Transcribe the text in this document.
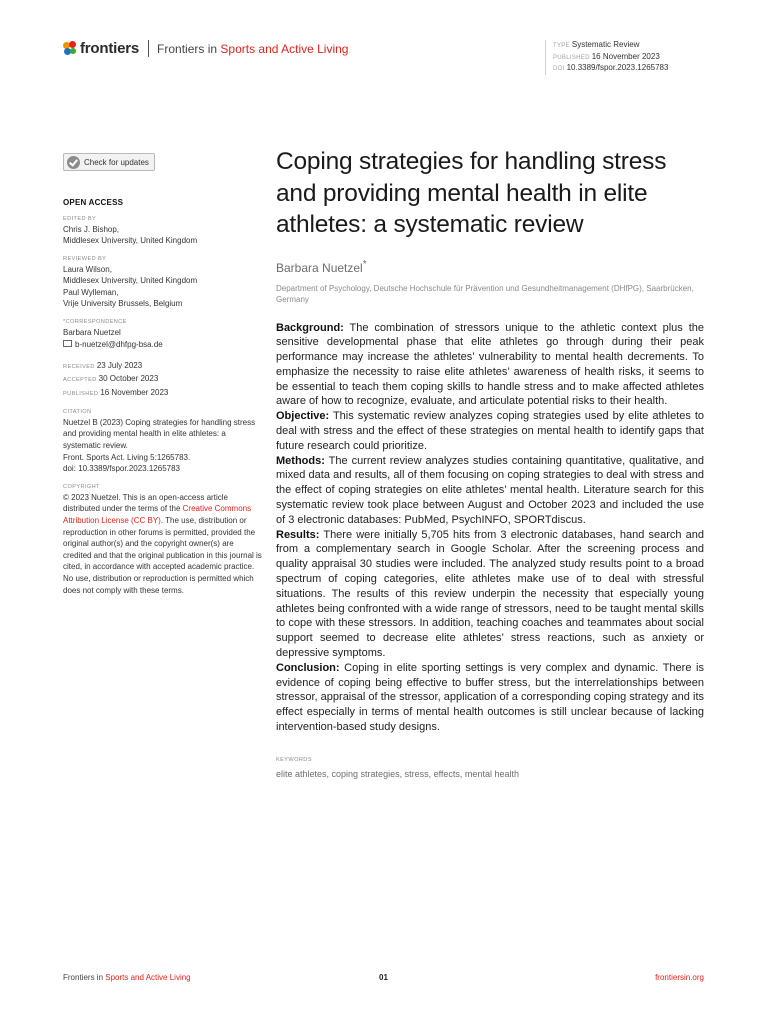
frontiers Frontiers in Sports and Active Living	TYPE Systematic Review
PUBLISHED 16 November 2023
DOI 10.3389/fspor.2023.1265783
Check for updates
OPEN ACCESS
EDITED BY
Chris J. Bishop,
Middlesex University, United Kingdom
REVIEWED BY
Laura Wilson,
Middlesex University, United Kingdom
Paul Wylleman,
Vrije University Brussels, Belgium
*CORRESPONDENCE
Barbara Nuetzel
b-nuetzel@dhfpg-bsa.de
RECEIVED 23 July 2023
ACCEPTED 30 October 2023
PUBLISHED 16 November 2023
CITATION
Nuetzel B (2023) Coping strategies for handling stress and providing mental health in elite athletes: a systematic review.
Front. Sports Act. Living 5:1265783.
doi: 10.3389/fspor.2023.1265783
COPYRIGHT
© 2023 Nuetzel. This is an open-access article distributed under the terms of the Creative Commons Attribution License (CC BY). The use, distribution or reproduction in other forums is permitted, provided the original author(s) and the copyright owner(s) are credited and that the original publication in this journal is cited, in accordance with accepted academic practice. No use, distribution or reproduction is permitted which does not comply with these terms.
Coping strategies for handling stress and providing mental health in elite athletes: a systematic review
Barbara Nuetzel*
Department of Psychology, Deutsche Hochschule für Prävention und Gesundheitmanagement (DHfPG), Saarbrücken, Germany

Background: The combination of stressors unique to the athletic context plus the sensitive developmental phase that elite athletes go through during their peak performance may increase the athletes’ vulnerability to mental health decrements. To emphasize the necessity to raise elite athletes’ awareness of health risks, it seems to be essential to teach them coping skills to handle stress and to make affected athletes aware of how to recognize, evaluate, and articulate potential risks to their health.

Objective: This systematic review analyzes coping strategies used by elite athletes to deal with stress and the effect of these strategies on mental health to identify gaps that future research could prioritize.

Methods: The current review analyzes studies containing quantitative, qualitative, and mixed data and results, all of them focusing on coping strategies to deal with stress and the effect of coping strategies on elite athletes’ mental health. Literature search for this systematic review took place between August and October 2023 and included the use of 3 electronic databases: PubMed, PsychINFO, SPORTdiscus.

Results: There were initially 5,705 hits from 3 electronic databases, hand search and from a complementary search in Google Scholar. After the screening process and quality appraisal 30 studies were included. The analyzed study results point to a broad spectrum of coping categories, elite athletes make use of to deal with stressful situations. The results of this review underpin the necessity that especially young athletes being confronted with a wide range of stressors, need to be taught mental skills to cope with these stressors. In addition, teaching coaches and teammates about social support seemed to decrease elite athletes’ stress reactions, such as anxiety or depressive symptoms.

Conclusion: Coping in elite sporting settings is very complex and dynamic. There is evidence of coping being effective to buffer stress, but the interrelationships between stressor, appraisal of the stressor, application of a corresponding coping strategy and its effect especially in terms of mental health outcomes is still unclear because of lacking intervention-based study designs.

KEYWORDS
elite athletes, coping strategies, stress, effects, mental health
Frontiers in Sports and Active Living	01	frontiersin.org
